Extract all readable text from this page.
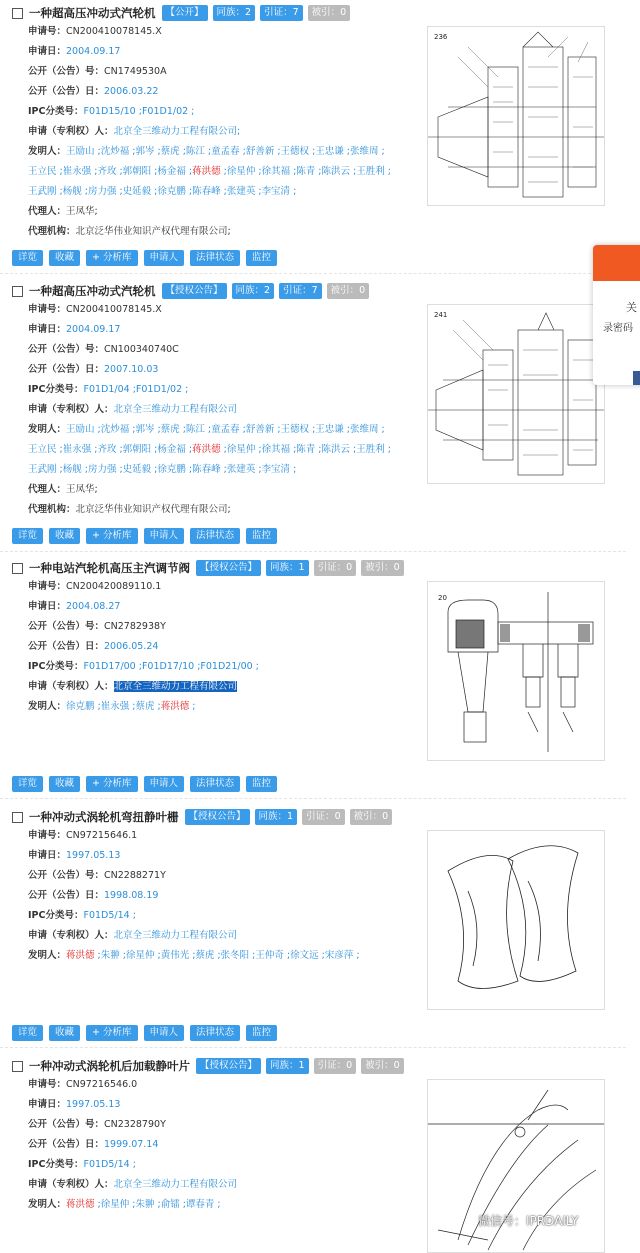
一种超高压冲动式汽轮机	【公开】	同族：2	引证：7	被引：0
申请号：CN200410078145.X
申请日：2004.09.17
公开（公告）号：CN1749530A
公开（公告）日：2006.03.22
IPC分类号：F01D15/10 ;F01D1/02 ;
申请（专利权）人：北京全三维动力工程有限公司;
发明人：王励山 ;沈炒福 ;郭岑 ;蔡虎 ;陈江 ;童孟春 ;舒善新 ;王德权 ;王忠谦 ;张维周 ;
王立民 ;崔永强 ;齐玫 ;郭朝阳 ;杨金福 ;蒋洪德 ;徐星仲 ;徐其福 ;陈青 ;陈洪云 ;王胜利 ;
王武刚 ;杨舰 ;房力强 ;史延毅 ;徐克鹏 ;陈春峰 ;张建英 ;李宝清 ;
代理人：王凤华;
代理机构：北京泛华伟业知识产权代理有限公司;
236
详览	收藏	+ 分析库	申请人	法律状态	监控
一种超高压冲动式汽轮机	【授权公告】	同族：2	引证：7	被引：0
申请号：CN200410078145.X
申请日：2004.09.17
公开（公告）号：CN100340740C
公开（公告）日：2007.10.03
IPC分类号：F01D1/04 ;F01D1/02 ;
申请（专利权）人：北京全三维动力工程有限公司
发明人：王励山 ;沈炒福 ;郭岑 ;蔡虎 ;陈江 ;童孟春 ;舒善新 ;王德权 ;王忠谦 ;张维周 ;
王立民 ;崔永强 ;齐玫 ;郭朝阳 ;杨金福 ;蒋洪德 ;徐星仲 ;徐其福 ;陈青 ;陈洪云 ;王胜利 ;
王武刚 ;杨舰 ;房力强 ;史延毅 ;徐克鹏 ;陈春峰 ;张建英 ;李宝清 ;
代理人：王凤华;
代理机构：北京泛华伟业知识产权代理有限公司;
241
详览	收藏	+ 分析库	申请人	法律状态	监控
一种电站汽轮机高压主汽调节阀	【授权公告】	同族：1	引证：0	被引：0
申请号：CN200420089110.1
申请日：2004.08.27
公开（公告）号：CN2782938Y
公开（公告）日：2006.05.24
IPC分类号：F01D17/00 ;F01D17/10 ;F01D21/00 ;
申请（专利权）人：北京全三维动力工程有限公司
发明人：徐克鹏 ;崔永强 ;蔡虎 ;蒋洪德 ;
20
详览	收藏	+ 分析库	申请人	法律状态	监控
一种冲动式涡轮机弯扭静叶栅	【授权公告】	同族：1	引证：0	被引：0
申请号：CN97215646.1
申请日：1997.05.13
公开（公告）号：CN2288271Y
公开（公告）日：1998.08.19
IPC分类号：F01D5/14 ;
申请（专利权）人：北京全三维动力工程有限公司
发明人：蒋洪德 ;朱翀 ;徐星仲 ;黄伟光 ;蔡虎 ;张冬阳 ;王仲奇 ;徐文远 ;宋彦萍 ;
详览	收藏	+ 分析库	申请人	法律状态	监控
一种冲动式涡轮机后加载静叶片	【授权公告】	同族：1	引证：0	被引：0
申请号：CN97216546.0
申请日：1997.05.13
公开（公告）号：CN2328790Y
公开（公告）日：1999.07.14
IPC分类号：F01D5/14 ;
申请（专利权）人：北京全三维动力工程有限公司
发明人：蒋洪德 ;徐星仲 ;朱翀 ;俞镭 ;谭春青 ;
关
录密码
微信号：IPRDAILY
